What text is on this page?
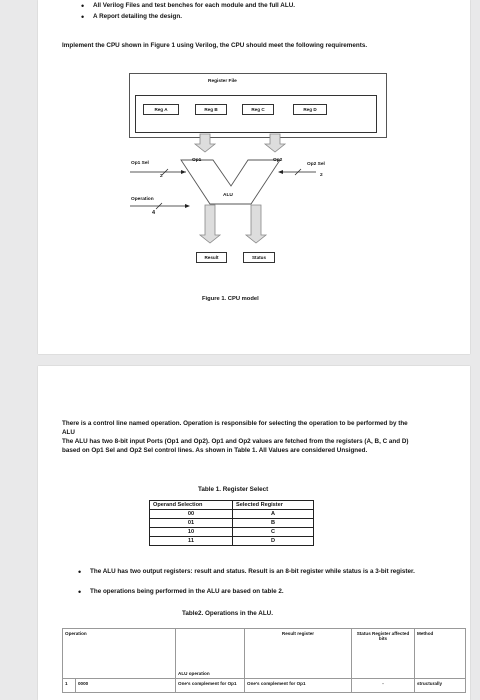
• All Verilog Files and test benches for each module and the full ALU.
• A Report detailing the design.
Implement the CPU shown in Figure 1 using Verilog, the CPU should meet the following requirements.
Register File
Reg A	Reg B	Reg C	Reg D
Op1	Op2
ALU
Op1 Sel
2
Op2 Sel
2
Operation
4
Result	Status
Figure 1. CPU model
There is a control line named operation. Operation is responsible for selecting the operation to be performed by the ALU
The ALU has two 8-bit input Ports (Op1 and Op2). Op1 and Op2 values are fetched from the registers (A, B, C and D) based on Op1 Sel and Op2 Sel control lines. As shown in Table 1. All Values are considered Unsigned.
Table 1. Register Select
Operand Selection	Selected Register
00	A
01	B
10	C
11	D
• The ALU has two output registers: result and status. Result is an 8-bit register while status is a 3-bit register.
• The operations being performed in the ALU are based on table 2.
Table2. Operations in the ALU.
Operation		ALU operation	Result register	Status Register affected bits	Method
1	0000	One's complement for Op1	One's complement for Op1	-	structurally
